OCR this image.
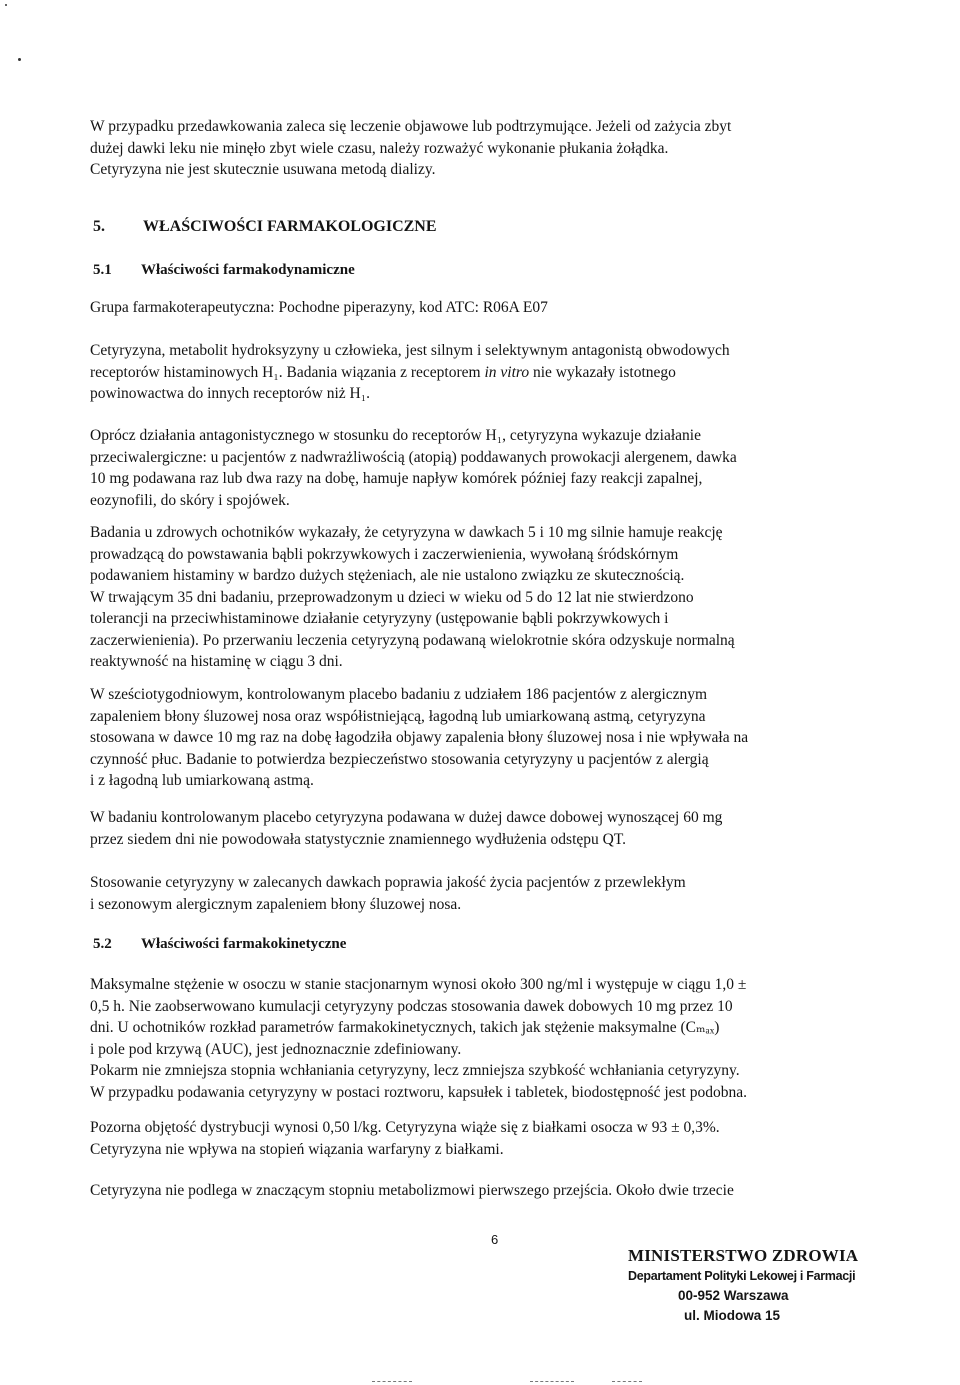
W przypadku przedawkowania zaleca się leczenie objawowe lub podtrzymujące. Jeżeli od zażycia zbyt
dużej dawki leku nie minęło zbyt wiele czasu, należy rozważyć wykonanie płukania żołądka.
Cetyryzyna nie jest skutecznie usuwana metodą dializy.

5. WŁAŚCIWOŚCI FARMAKOLOGICZNE
5.1 Właściwości farmakodynamiczne

Grupa farmakoterapeutyczna: Pochodne piperazyny, kod ATC: R06A E07

Cetyryzyna, metabolit hydroksyzyny u człowieka, jest silnym i selektywnym antagonistą obwodowych
receptorów histaminowych H₁. Badania wiązania z receptorem in vitro nie wykazały istotnego
powinowactwa do innych receptorów niż H₁.

Oprócz działania antagonistycznego w stosunku do receptorów H₁, cetyryzyna wykazuje działanie
przeciwalergiczne: u pacjentów z nadwrażliwością (atopią) poddawanych prowokacji alergenem, dawka
10 mg podawana raz lub dwa razy na dobę, hamuje napływ komórek później fazy reakcji zapalnej,
eozynofili, do skóry i spojówek.

Badania u zdrowych ochotników wykazały, że cetyryzyna w dawkach 5 i 10 mg silnie hamuje reakcję
prowadzącą do powstawania bąbli pokrzywkowych i zaczerwienienia, wywołaną śródskórnym
podawaniem histaminy w bardzo dużych stężeniach, ale nie ustalono związku ze skutecznością.
W trwającym 35 dni badaniu, przeprowadzonym u dzieci w wieku od 5 do 12 lat nie stwierdzono
tolerancji na przeciwhistaminowe działanie cetyryzyny (ustępowanie bąbli pokrzywkowych i
zaczerwienienia). Po przerwaniu leczenia cetyryzyną podawaną wielokrotnie skóra odzyskuje normalną
reaktywność na histaminę w ciągu 3 dni.

W sześciotygodniowym, kontrolowanym placebo badaniu z udziałem 186 pacjentów z alergicznym
zapaleniem błony śluzowej nosa oraz współistniejącą, łagodną lub umiarkowaną astmą, cetyryzyna
stosowana w dawce 10 mg raz na dobę łagodziła objawy zapalenia błony śluzowej nosa i nie wpływała na
czynność płuc. Badanie to potwierdza bezpieczeństwo stosowania cetyryzyny u pacjentów z alergią
i z łagodną lub umiarkowaną astmą.

W badaniu kontrolowanym placebo cetyryzyna podawana w dużej dawce dobowej wynoszącej 60 mg
przez siedem dni nie powodowała statystycznie znamiennego wydłużenia odstępu QT.

Stosowanie cetyryzyny w zalecanych dawkach poprawia jakość życia pacjentów z przewlekłym
i sezonowym alergicznym zapaleniem błony śluzowej nosa.

5.2 Właściwości farmakokinetyczne

Maksymalne stężenie w osoczu w stanie stacjonarnym wynosi około 300 ng/ml i występuje w ciągu 1,0 ±
0,5 h. Nie zaobserwowano kumulacji cetyryzyny podczas stosowania dawek dobowych 10 mg przez 10
dni. U ochotników rozkład parametrów farmakokinetycznych, takich jak stężenie maksymalne (Cₘₐₓ)
i pole pod krzywą (AUC), jest jednoznacznie zdefiniowany.
Pokarm nie zmniejsza stopnia wchłaniania cetyryzyny, lecz zmniejsza szybkość wchłaniania cetyryzyny.
W przypadku podawania cetyryzyny w postaci roztworu, kapsułek i tabletek, biodostępność jest podobna.

Pozorna objętość dystrybucji wynosi 0,50 l/kg. Cetyryzyna wiąże się z białkami osocza w 93 ± 0,3%.
Cetyryzyna nie wpływa na stopień wiązania warfaryny z białkami.

Cetyryzyna nie podlega w znaczącym stopniu metabolizmowi pierwszego przejścia. Około dwie trzecie

6
MINISTERSTWO ZDROWIA
Departament Polityki Lekowej i Farmacji
00-952 Warszawa
ul. Miodowa 15
